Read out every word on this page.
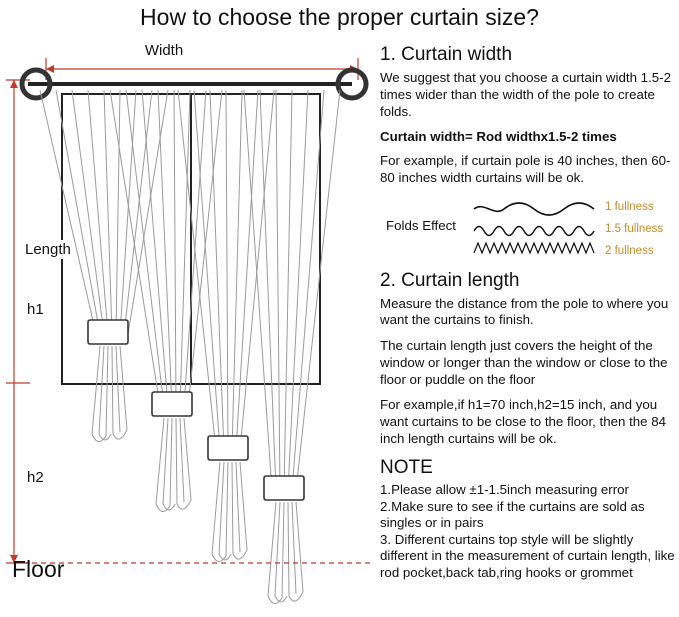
How to choose the proper curtain size?
Width
Length
h1
h2
Floor
1. Curtain width

We suggest that you choose a curtain width 1.5-2 times wider than the width of the pole to create folds.

Curtain width= Rod widthx1.5-2 times

For example, if curtain pole is 40 inches, then 60-80 inches width curtains will be ok.

Folds Effect
1 fullness
1.5 fullness
2 fullness
2. Curtain length

Measure the distance from the pole to where you want the curtains to finish.

The curtain length just covers the height of the window or longer than the window or close to the floor or puddle on the floor

For example,if h1=70 inch,h2=15 inch, and you want curtains to be close to the floor, then the 84 inch length curtains will be ok.

NOTE
1.Please allow ±1-1.5inch measuring error
2.Make sure to see if the curtains are sold as singles or in pairs
3. Different curtains top style will be slightly different in the measurement of curtain length, like rod pocket,back tab,ring hooks or grommet
